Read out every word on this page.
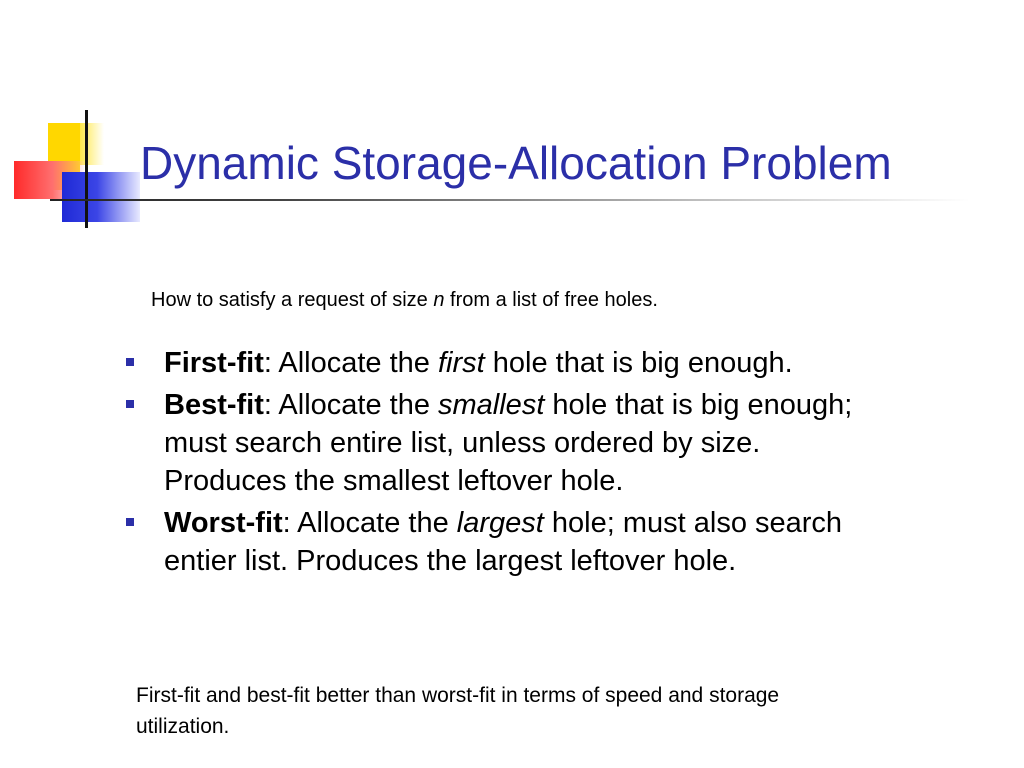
Dynamic Storage-Allocation Problem
How to satisfy a request of size n from a list of free holes.
First-fit: Allocate the first hole that is big enough.
Best-fit: Allocate the smallest hole that is big enough; must search entire list, unless ordered by size. Produces the smallest leftover hole.
Worst-fit: Allocate the largest hole; must also search entier list. Produces the largest leftover hole.
First-fit and best-fit better than worst-fit in terms of speed and storage utilization.
